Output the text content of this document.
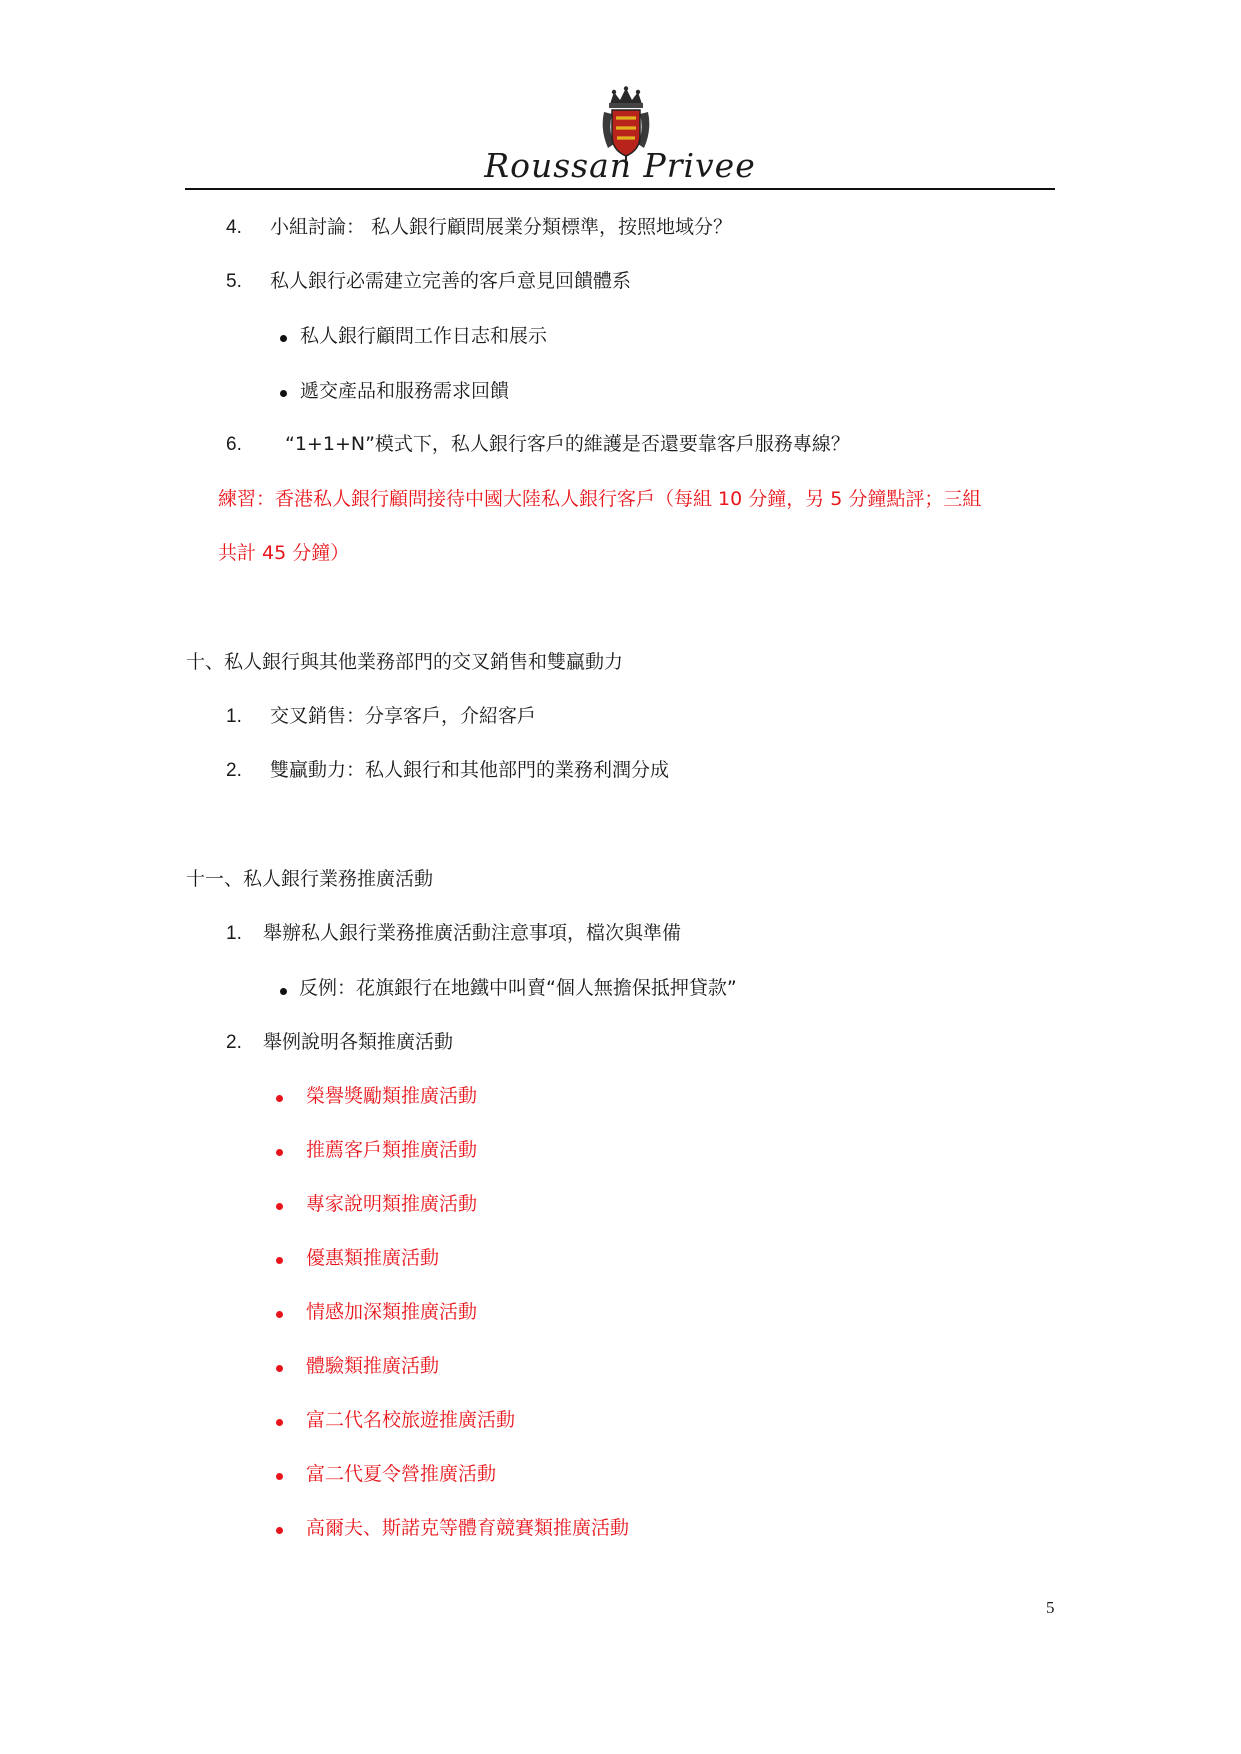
Roussan Privee
4. 小組討論： 私人銀行顧問展業分類標準，按照地域分？
5. 私人銀行必需建立完善的客戶意見回饋體系
私人銀行顧問工作日志和展示
遞交產品和服務需求回饋
6. “1+1+N”模式下，私人銀行客戶的維護是否還要靠客戶服務專線？
練習：香港私人銀行顧問接待中國大陸私人銀行客戶（每組 10 分鐘，另 5 分鐘點評；三組
共計 45 分鐘）
十、私人銀行與其他業務部門的交叉銷售和雙贏動力
1. 交叉銷售：分享客戶，介紹客戶
2. 雙贏動力：私人銀行和其他部門的業務利潤分成
十一、私人銀行業務推廣活動
1. 舉辦私人銀行業務推廣活動注意事項，檔次與準備
反例：花旗銀行在地鐵中叫賣“個人無擔保抵押貸款”
2. 舉例說明各類推廣活動
榮譽獎勵類推廣活動
推薦客戶類推廣活動
專家說明類推廣活動
優惠類推廣活動
情感加深類推廣活動
體驗類推廣活動
富二代名校旅遊推廣活動
富二代夏令營推廣活動
高爾夫、斯諾克等體育競賽類推廣活動
5
